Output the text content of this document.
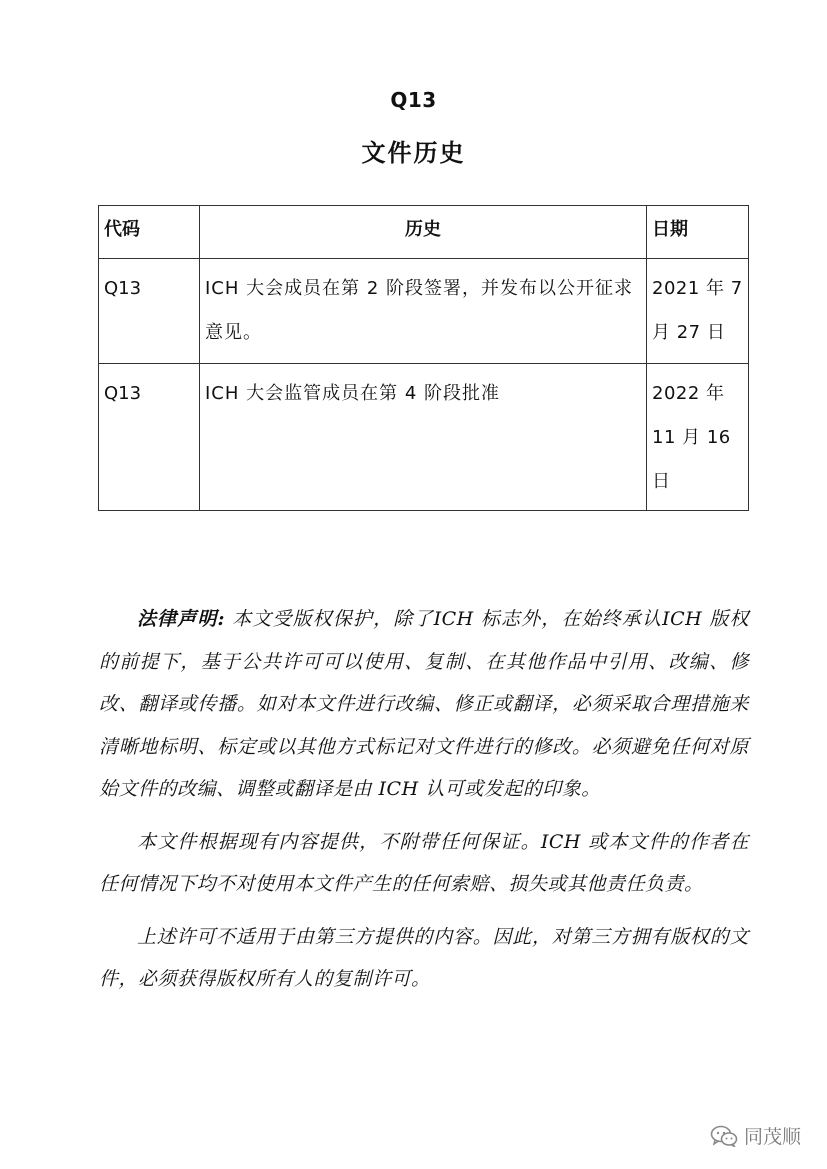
Q13
文件历史
代码	历史	日期
Q13	ICH 大会成员在第 2 阶段签署，并发布以公开征求意见。	2021 年 7 月 27 日
Q13	ICH 大会监管成员在第 4 阶段批准	2022 年 11 月 16 日

法律声明: 本文受版权保护，除了ICH 标志外，在始终承认ICH 版权的前提下，基于公共许可可以使用、复制、在其他作品中引用、改编、修改、翻译或传播。如对本文件进行改编、修正或翻译，必须采取合理措施来清晰地标明、标定或以其他方式标记对文件进行的修改。必须避免任何对原始文件的改编、调整或翻译是由 ICH 认可或发起的印象。

本文件根据现有内容提供，不附带任何保证。ICH 或本文件的作者在任何情况下均不对使用本文件产生的任何索赔、损失或其他责任负责。

上述许可不适用于由第三方提供的内容。因此，对第三方拥有版权的文件，必须获得版权所有人的复制许可。

同茂顺
